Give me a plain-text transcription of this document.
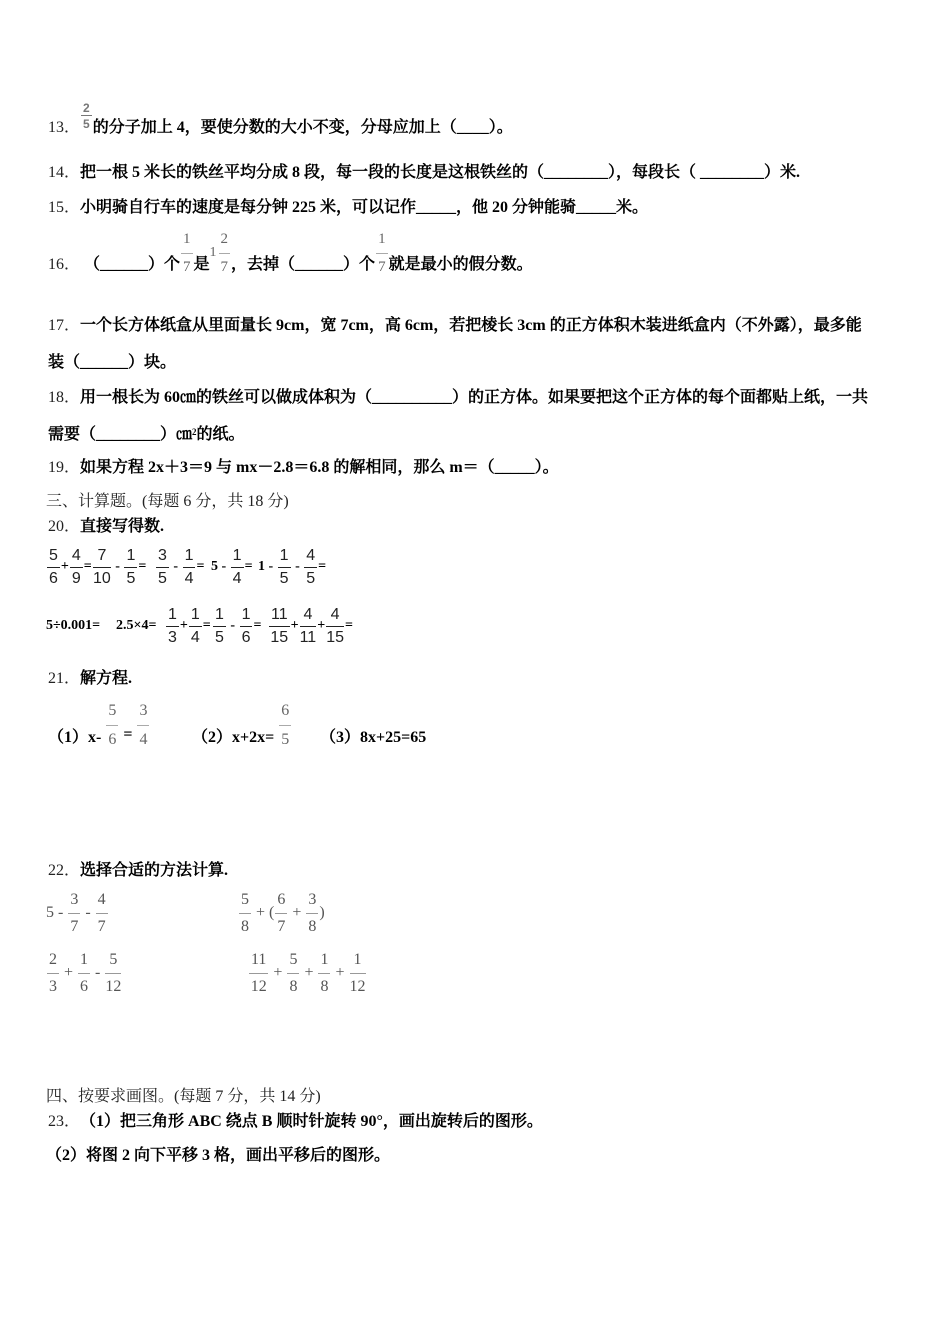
13． $\frac{2}{5}$ 的分子加上 4，要使分数的大小不变，分母应加上（____）。
14． 把一根 5 米长的铁丝平均分成 8 段，每一段的长度是这根铁丝的（________），每段长（ ________）米.
15． 小明骑自行车的速度是每分钟 225 米，可以记作_____，他 20 分钟能骑_____米。
16． （______）个 $\frac{1}{7}$ 是
$1 \frac{2}{7}$ ，去掉（______）个 $\frac{1}{7}$ 就是最小的假分数。
17． 一个长方体纸盒从里面量长 9cm，宽 7cm，高 6cm，若把棱长 3cm 的正方体积木装进纸盒内（不外露），最多能
装（______）块。
18． 用一根长为 60㎝的铁丝可以做成体积为（__________）的正方体。如果要把这个正方体的每个面都贴上纸，一共
需要（________）㎝ 2 的纸。
19． 如果方程 2x＋3＝9 与 mx－2.8＝6.8 的解相同，那么 m＝（_____）。
三、计算题。(每题 6 分，共 18 分)
20． 直接写得数.
$\frac{5}{6} + \frac{4}{9} = \frac{7}{10} - \frac{1}{5} = \frac{3}{5} - \frac{1}{4} = 5 - \frac{1}{4} = 1 - \frac{1}{5} - \frac{4}{5}$ =
$5\div 0.001= 2.5\times 4= \frac{1}{3} + \frac{1}{4} = \frac{1}{5} - \frac{1}{6} = \frac{11}{15} + \frac{4}{11} + \frac{4}{15}$ =
21． 解方程.
$(1)x- \frac{5}{6} = \frac{3}{4}$	$(2)x+2x= \frac{6}{5} (3)8x+25=65$
22． 选择合适的方法计算.
$5 - \frac{3}{7} - \frac{4}{7}$	$\frac{5}{8}$ + ( $\frac{6}{7} + \frac{3}{8}$ )
$\frac{2}{3} + \frac{1}{6} - \frac{5}{12}$	$\frac{11}{12} + \frac{5}{8} + \frac{1}{8} + \frac{1}{12}$
四、按要求画图。(每题 7 分，共 14 分)
23． （1）把三角形 ABC 绕点 B 顺时针旋转 90°，画出旋转后的图形。
（2）将图 2 向下平移 3 格，画出平移后的图形。
